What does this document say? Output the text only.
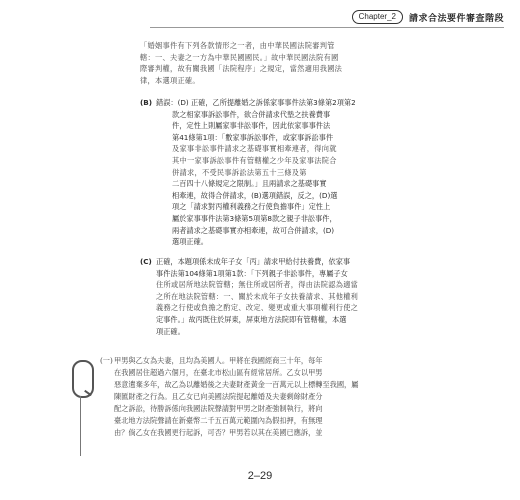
Chapter_2	請求合法要件審查階段
「婚姻事件有下列各款情形之一者，由中華民國法院審判管
轄：一、夫妻之一方為中華民國國民。」故中華民國法院有國
際審判權，故有關我國「法院程序」之規定，當然適用我國法
律，本選項正確。
(B) 錯誤：(D) 正確，乙所提離婚之訴係家事事件法第3條第2項第2
款之相家事訴訟事件，欲合併請求代墊之扶養費事
件，定性上則屬家事非訟事件，因此依家事事件法
第41條第1項：「數家事訴訟事件，或家事訴訟事件
及家事非訟事件請求之基礎事實相牽連者，得向就
其中一家事訴訟事件有管轄權之少年及家事法院合
併請求，不受民事訴訟法第五十三條及第
二百四十八條規定之限制。」且兩請求之基礎事實
相牽連，故得合併請求，(B)選項錯誤，反之，(D)選
項之「請求對丙權利義務之行使負擔事件」定性上
屬於家事事件法第3條第5項第8款之親子非訟事件，
兩者請求之基礎事實亦相牽連，故可合併請求，(D)
選項正確。
(C) 正確，本題項係未成年子女「丙」請求甲給付扶養費，依家事
事件法第104條第1項第1款：「下列親子非訟事件，專屬子女
住所或居所地法院管轄；無住所或居所者，得由法院認為適當
之所在地法院管轄：一、關於未成年子女扶養請求、其他權利
義務之行使或負擔之酌定、改定、變更或重大事項權利行使之
定事件。」故丙既住於屏東，屏東地方法院即有管轄權，本選
項正確。
(一) 甲男與乙女為夫妻，且均為美國人。甲將在我國經商三十年，每年
在我國居住超過六個月，在臺北市松山區有經常居所。乙女以甲男
惡意遺棄多年，故乙為以離婚後之夫妻財產黃金一百萬元以上標轉至我國，屬
陳匯財產之行為。且乙女已向美國法院提起離婚及夫妻剩餘財產分
配之訴訟，待勝訴係向我國法院聲請對甲男之財產強制執行，將向
臺北地方法院聲請在新臺幣二千五百萬元範圍內為假扣押，有無理
由？倘乙女在我國更行起訴，可否？甲男若以其在美國已應訴，並
2–29
